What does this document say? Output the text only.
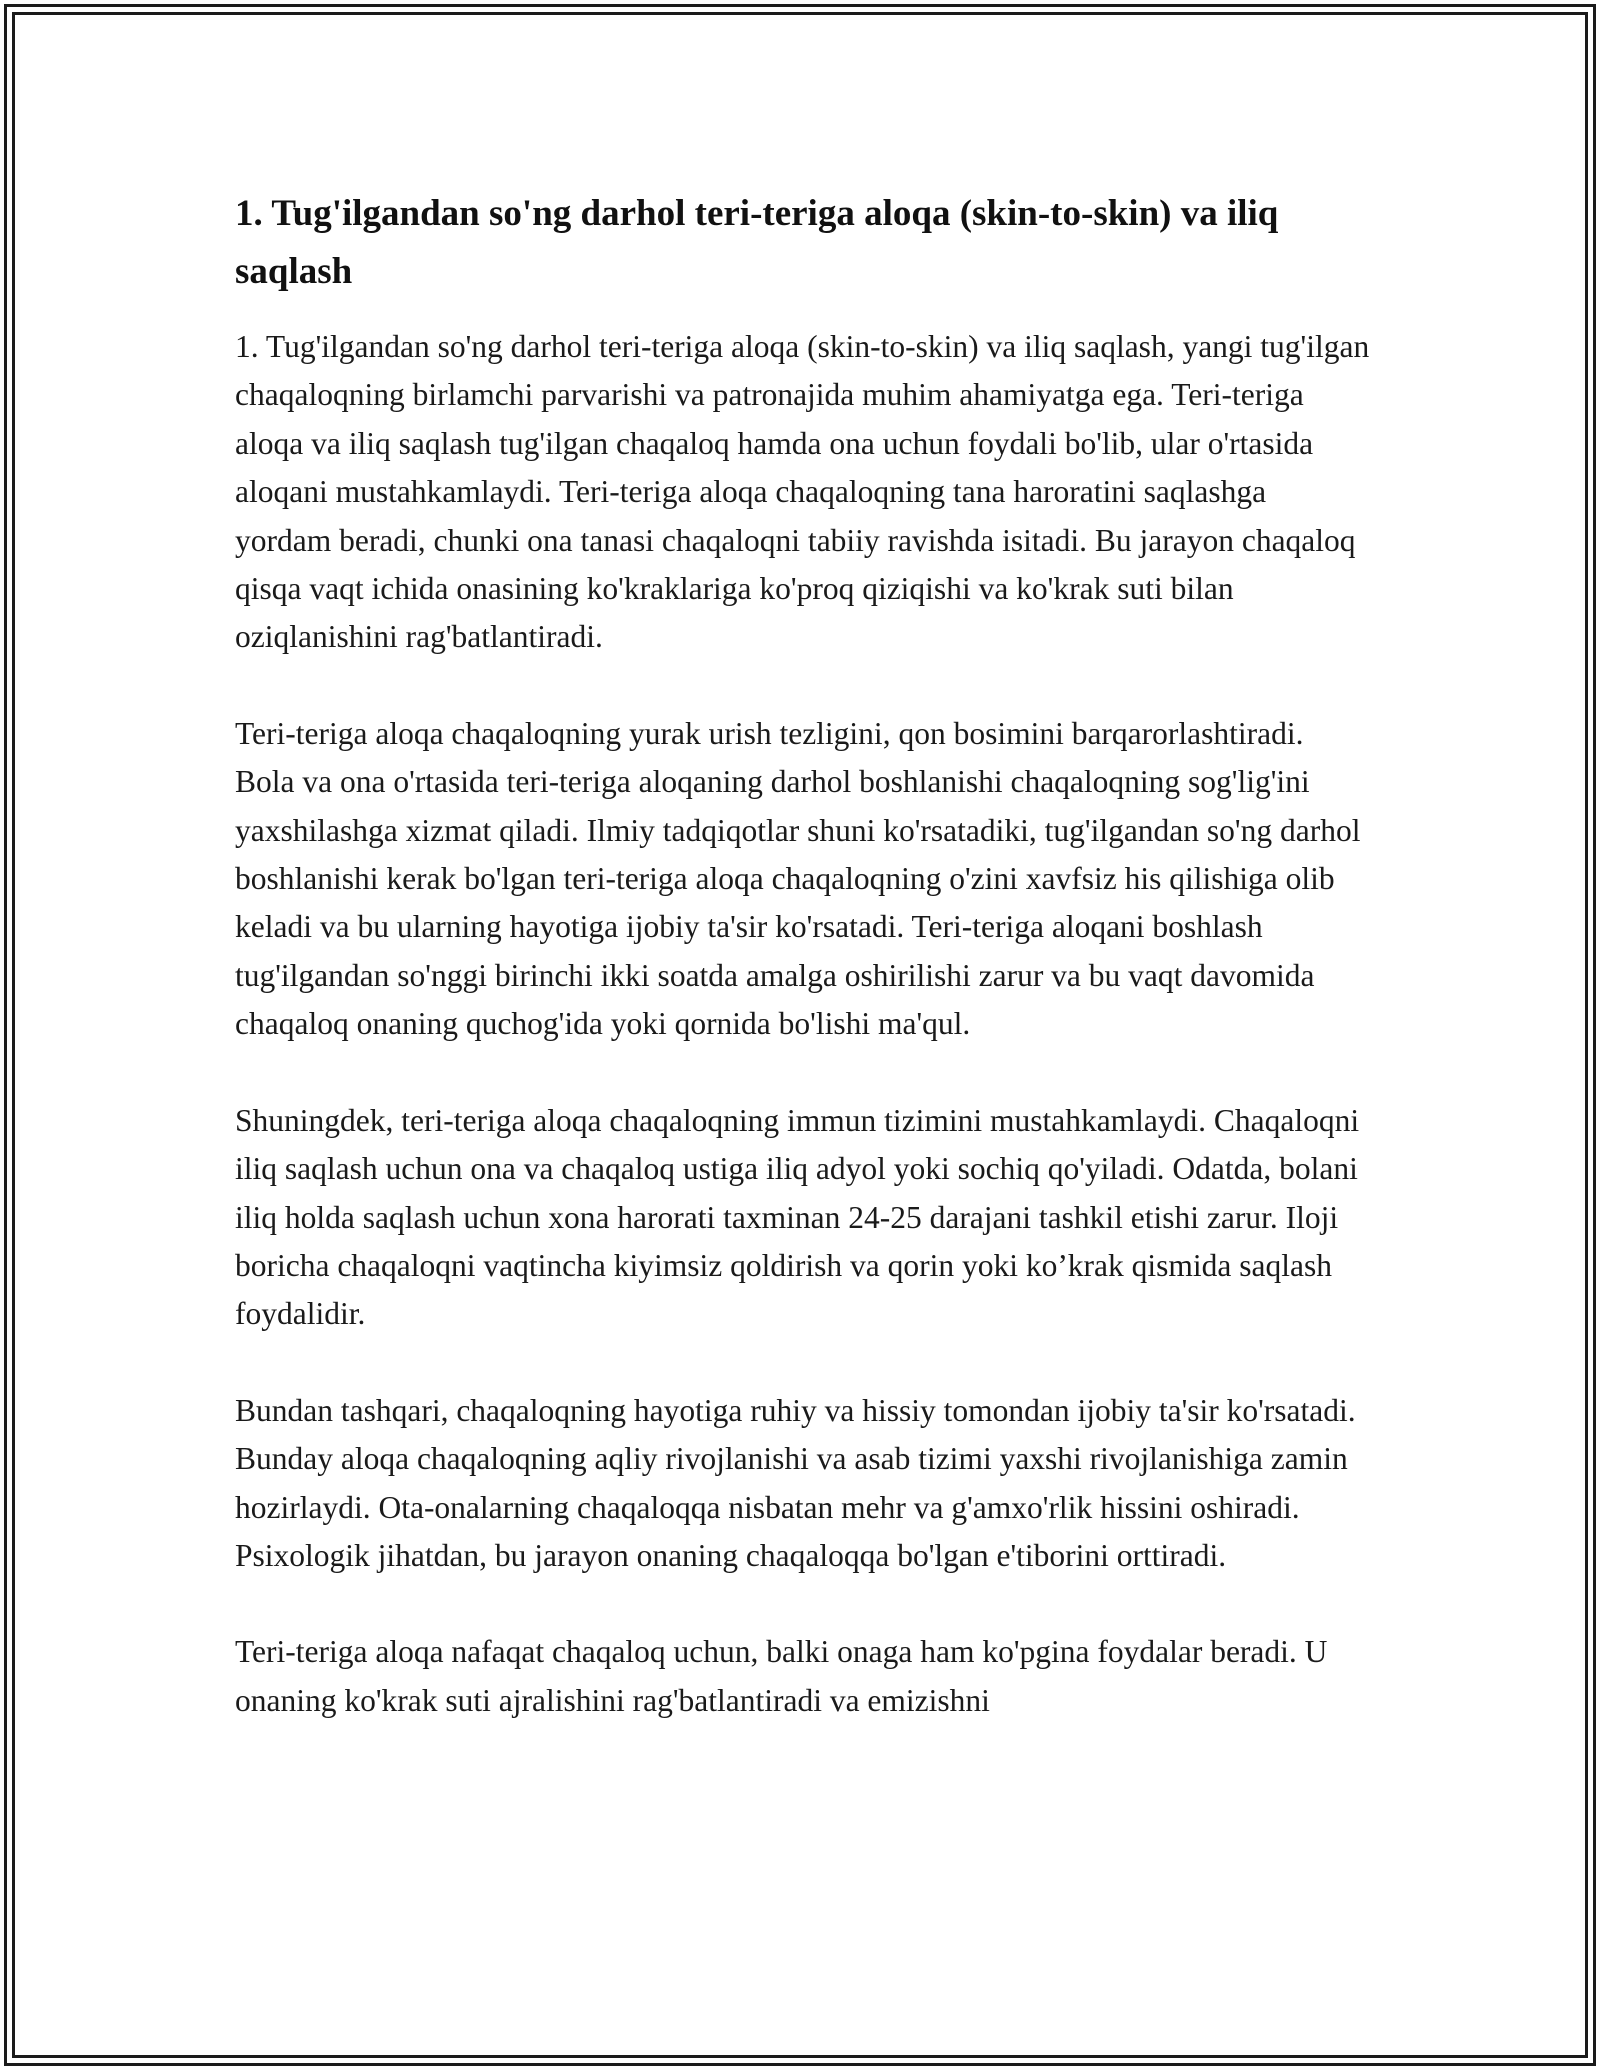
1. Tug'ilgandan so'ng darhol teri-teriga aloqa (skin-to-skin) va iliq saqlash

1. Tug'ilgandan so'ng darhol teri-teriga aloqa (skin-to-skin) va iliq saqlash, yangi tug'ilgan chaqaloqning birlamchi parvarishi va patronajida muhim ahamiyatga ega. Teri-teriga aloqa va iliq saqlash tug'ilgan chaqaloq hamda ona uchun foydali bo'lib, ular o'rtasida aloqani mustahkamlaydi. Teri-teriga aloqa chaqaloqning tana haroratini saqlashga yordam beradi, chunki ona tanasi chaqaloqni tabiiy ravishda isitadi. Bu jarayon chaqaloq qisqa vaqt ichida onasining ko'kraklariga ko'proq qiziqishi va ko'krak suti bilan oziqlanishini rag'batlantiradi.

Teri-teriga aloqa chaqaloqning yurak urish tezligini, qon bosimini barqarorlashtiradi. Bola va ona o'rtasida teri-teriga aloqaning darhol boshlanishi chaqaloqning sog'lig'ini yaxshilashga xizmat qiladi. Ilmiy tadqiqotlar shuni ko'rsatadiki, tug'ilgandan so'ng darhol boshlanishi kerak bo'lgan teri-teriga aloqa chaqaloqning o'zini xavfsiz his qilishiga olib keladi va bu ularning hayotiga ijobiy ta'sir ko'rsatadi. Teri-teriga aloqani boshlash tug'ilgandan so'nggi birinchi ikki soatda amalga oshirilishi zarur va bu vaqt davomida chaqaloq onaning quchog'ida yoki qornida bo'lishi ma'qul.

Shuningdek, teri-teriga aloqa chaqaloqning immun tizimini mustahkamlaydi. Chaqaloqni iliq saqlash uchun ona va chaqaloq ustiga iliq adyol yoki sochiq qo'yiladi. Odatda, bolani iliq holda saqlash uchun xona harorati taxminan 24-25 darajani tashkil etishi zarur. Iloji boricha chaqaloqni vaqtincha kiyimsiz qoldirish va qorin yoki ko’krak qismida saqlash foydalidir.

Bundan tashqari, chaqaloqning hayotiga ruhiy va hissiy tomondan ijobiy ta'sir ko'rsatadi. Bunday aloqa chaqaloqning aqliy rivojlanishi va asab tizimi yaxshi rivojlanishiga zamin hozirlaydi. Ota-onalarning chaqaloqqa nisbatan mehr va g'amxo'rlik hissini oshiradi. Psixologik jihatdan, bu jarayon onaning chaqaloqqa bo'lgan e'tiborini orttiradi.

Teri-teriga aloqa nafaqat chaqaloq uchun, balki onaga ham ko'pgina foydalar beradi. U onaning ko'krak suti ajralishini rag'batlantiradi va emizishni
